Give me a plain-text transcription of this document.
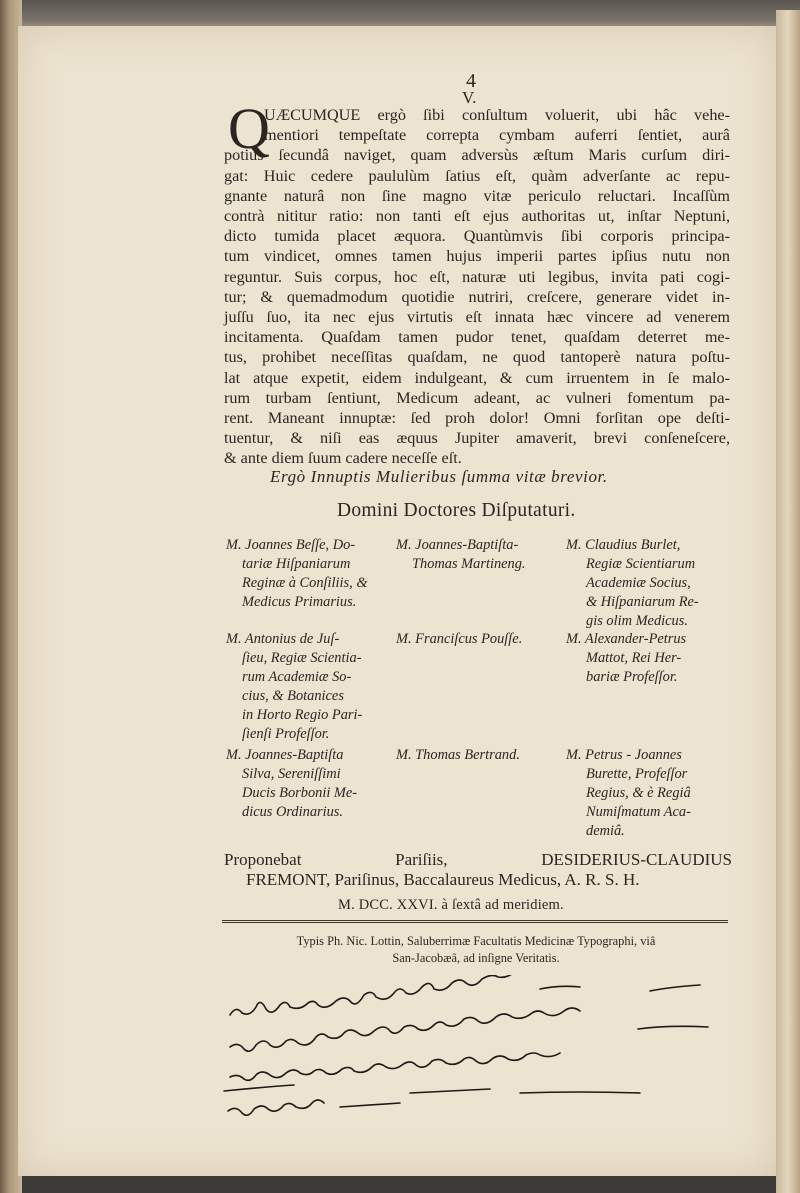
4
V.
Q
UÆCUMQUE ergò ſibi conſultum voluerit, ubi hâc vehe-
mentiori tempeſtate correpta cymbam auferri ſentiet, aurâ
potius ſecundâ naviget, quam adversùs æſtum Maris curſum diri-
gat: Huic cedere paululùm ſatius eſt, quàm adverſante ac repu-
gnante naturâ non ſine magno vitæ periculo reluctari. Incaſſùm
contrà nititur ratio: non tanti eſt ejus authoritas ut, inſtar Neptuni,
dicto tumida placet æquora. Quantùmvis ſibi corporis principa-
tum vindicet, omnes tamen hujus imperii partes ipſius nutu non
reguntur. Suis corpus, hoc eſt, naturæ uti legibus, invita pati cogi-
tur; & quemadmodum quotidie nutriri, creſcere, generare videt in-
juſſu ſuo, ita nec ejus virtutis eſt innata hæc vincere ad venerem
incitamenta. Quaſdam tamen pudor tenet, quaſdam deterret me-
tus, prohibet neceſſitas quaſdam, ne quod tantoperè natura poſtu-
lat atque expetit, eidem indulgeant, & cum irruentem in ſe malo-
rum turbam ſentiunt, Medicum adeant, ac vulneri fomentum pa-
rent. Maneant innuptæ: ſed proh dolor! Omni forſitan ope deſti-
tuentur, & niſi eas æquus Jupiter amaverit, brevi conſeneſcere,
& ante diem ſuum cadere neceſſe eſt.
Ergò Innuptis Mulieribus ſumma vitæ brevior.
Domini Doctores Diſputaturi.
M. Joannes Beſſe, Do-
tariæ Hiſpaniarum
Reginæ à Conſiliis, &
Medicus Primarius.
M. Joannes-Baptiſta-
Thomas Martineng.
M. Claudius Burlet,
Regiæ Scientiarum
Academiæ Socius,
& Hiſpaniarum Re-
gis olim Medicus.
M. Antonius de Juſ-
ſieu, Regiæ Scientia-
rum Academiæ So-
cius, & Botanices
in Horto Regio Pari-
ſienſi Profeſſor.
M. Franciſcus Pouſſe.	M. Alexander-Petrus
Mattot, Rei Her-
bariæ Profeſſor.
M. Joannes-Baptiſta
Silva, Sereniſſimi
Ducis Borbonii Me-
dicus Ordinarius.
M. Thomas Bertrand.	M. Petrus - Joannes
Burette, Profeſſor
Regius, & è Regiâ
Numiſmatum Aca-
demiâ.
Proponebat Pariſiis, DESIDERIUS-CLAUDIUS
FREMONT, Pariſinus, Baccalaureus Medicus, A. R. S. H.
M. DCC. XXVI. à ſextâ ad meridiem.
Typis Ph. Nic. Lottin, Saluberrimæ Facultatis Medicinæ Typographi, viâ
San-Jacobæâ, ad inſigne Veritatis.
